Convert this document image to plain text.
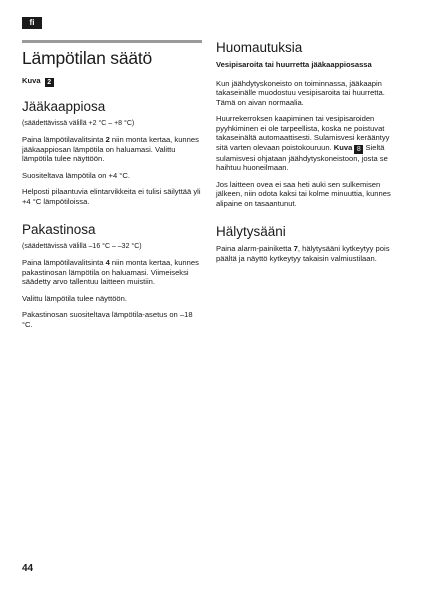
fi
Lämpötilan säätö
Kuva 2
Jääkaappiosa

(säädettävissä välillä +2 °C – +8 °C)

Paina lämpötilavalitsinta 2 niin monta kertaa, kunnes jääkaappiosan lämpötila on haluamasi. Valittu lämpötila tulee näyttöön.

Suositeltava lämpötila on +4 °C.

Helposti pilaantuvia elintarvikkeita ei tulisi säilyttää yli +4 °C lämpötiloissa.

Pakastinosa

(säädettävissä välillä –16 °C – –32 °C)

Paina lämpötilavalitsinta 4 niin monta kertaa, kunnes pakastinosan lämpötila on haluamasi. Viimeiseksi säädetty arvo tallentuu laitteen muistiin.

Valittu lämpötila tulee näyttöön.

Pakastinosan suositeltava lämpötila-asetus on –18 °C.

Huomautuksia

Vesipisaroita tai huurretta jääkaappiosassa

Kun jäähdytyskoneisto on toiminnassa, jääkaapin takaseinälle muodostuu vesipisaroita tai huurretta. Tämä on aivan normaalia.

Huurrekerroksen kaapiminen tai vesipisaroiden pyyhkiminen ei ole tarpeellista, koska ne poistuvat takaseinältä automaattisesti. Sulamisvesi kerääntyy sitä varten olevaan poistokouruun. Kuva 8 Sieltä sulamisvesi ohjataan jäähdytyskoneistoon, josta se haihtuu huoneilmaan.

Jos laitteen ovea ei saa heti auki sen sulkemisen jälkeen, niin odota kaksi tai kolme minuuttia, kunnes alipaine on tasaantunut.

Hälytysääni

Paina alarm-painiketta 7, hälytysääni kytkeytyy pois päältä ja näyttö kytkeytyy takaisin valmiustilaan.

44
